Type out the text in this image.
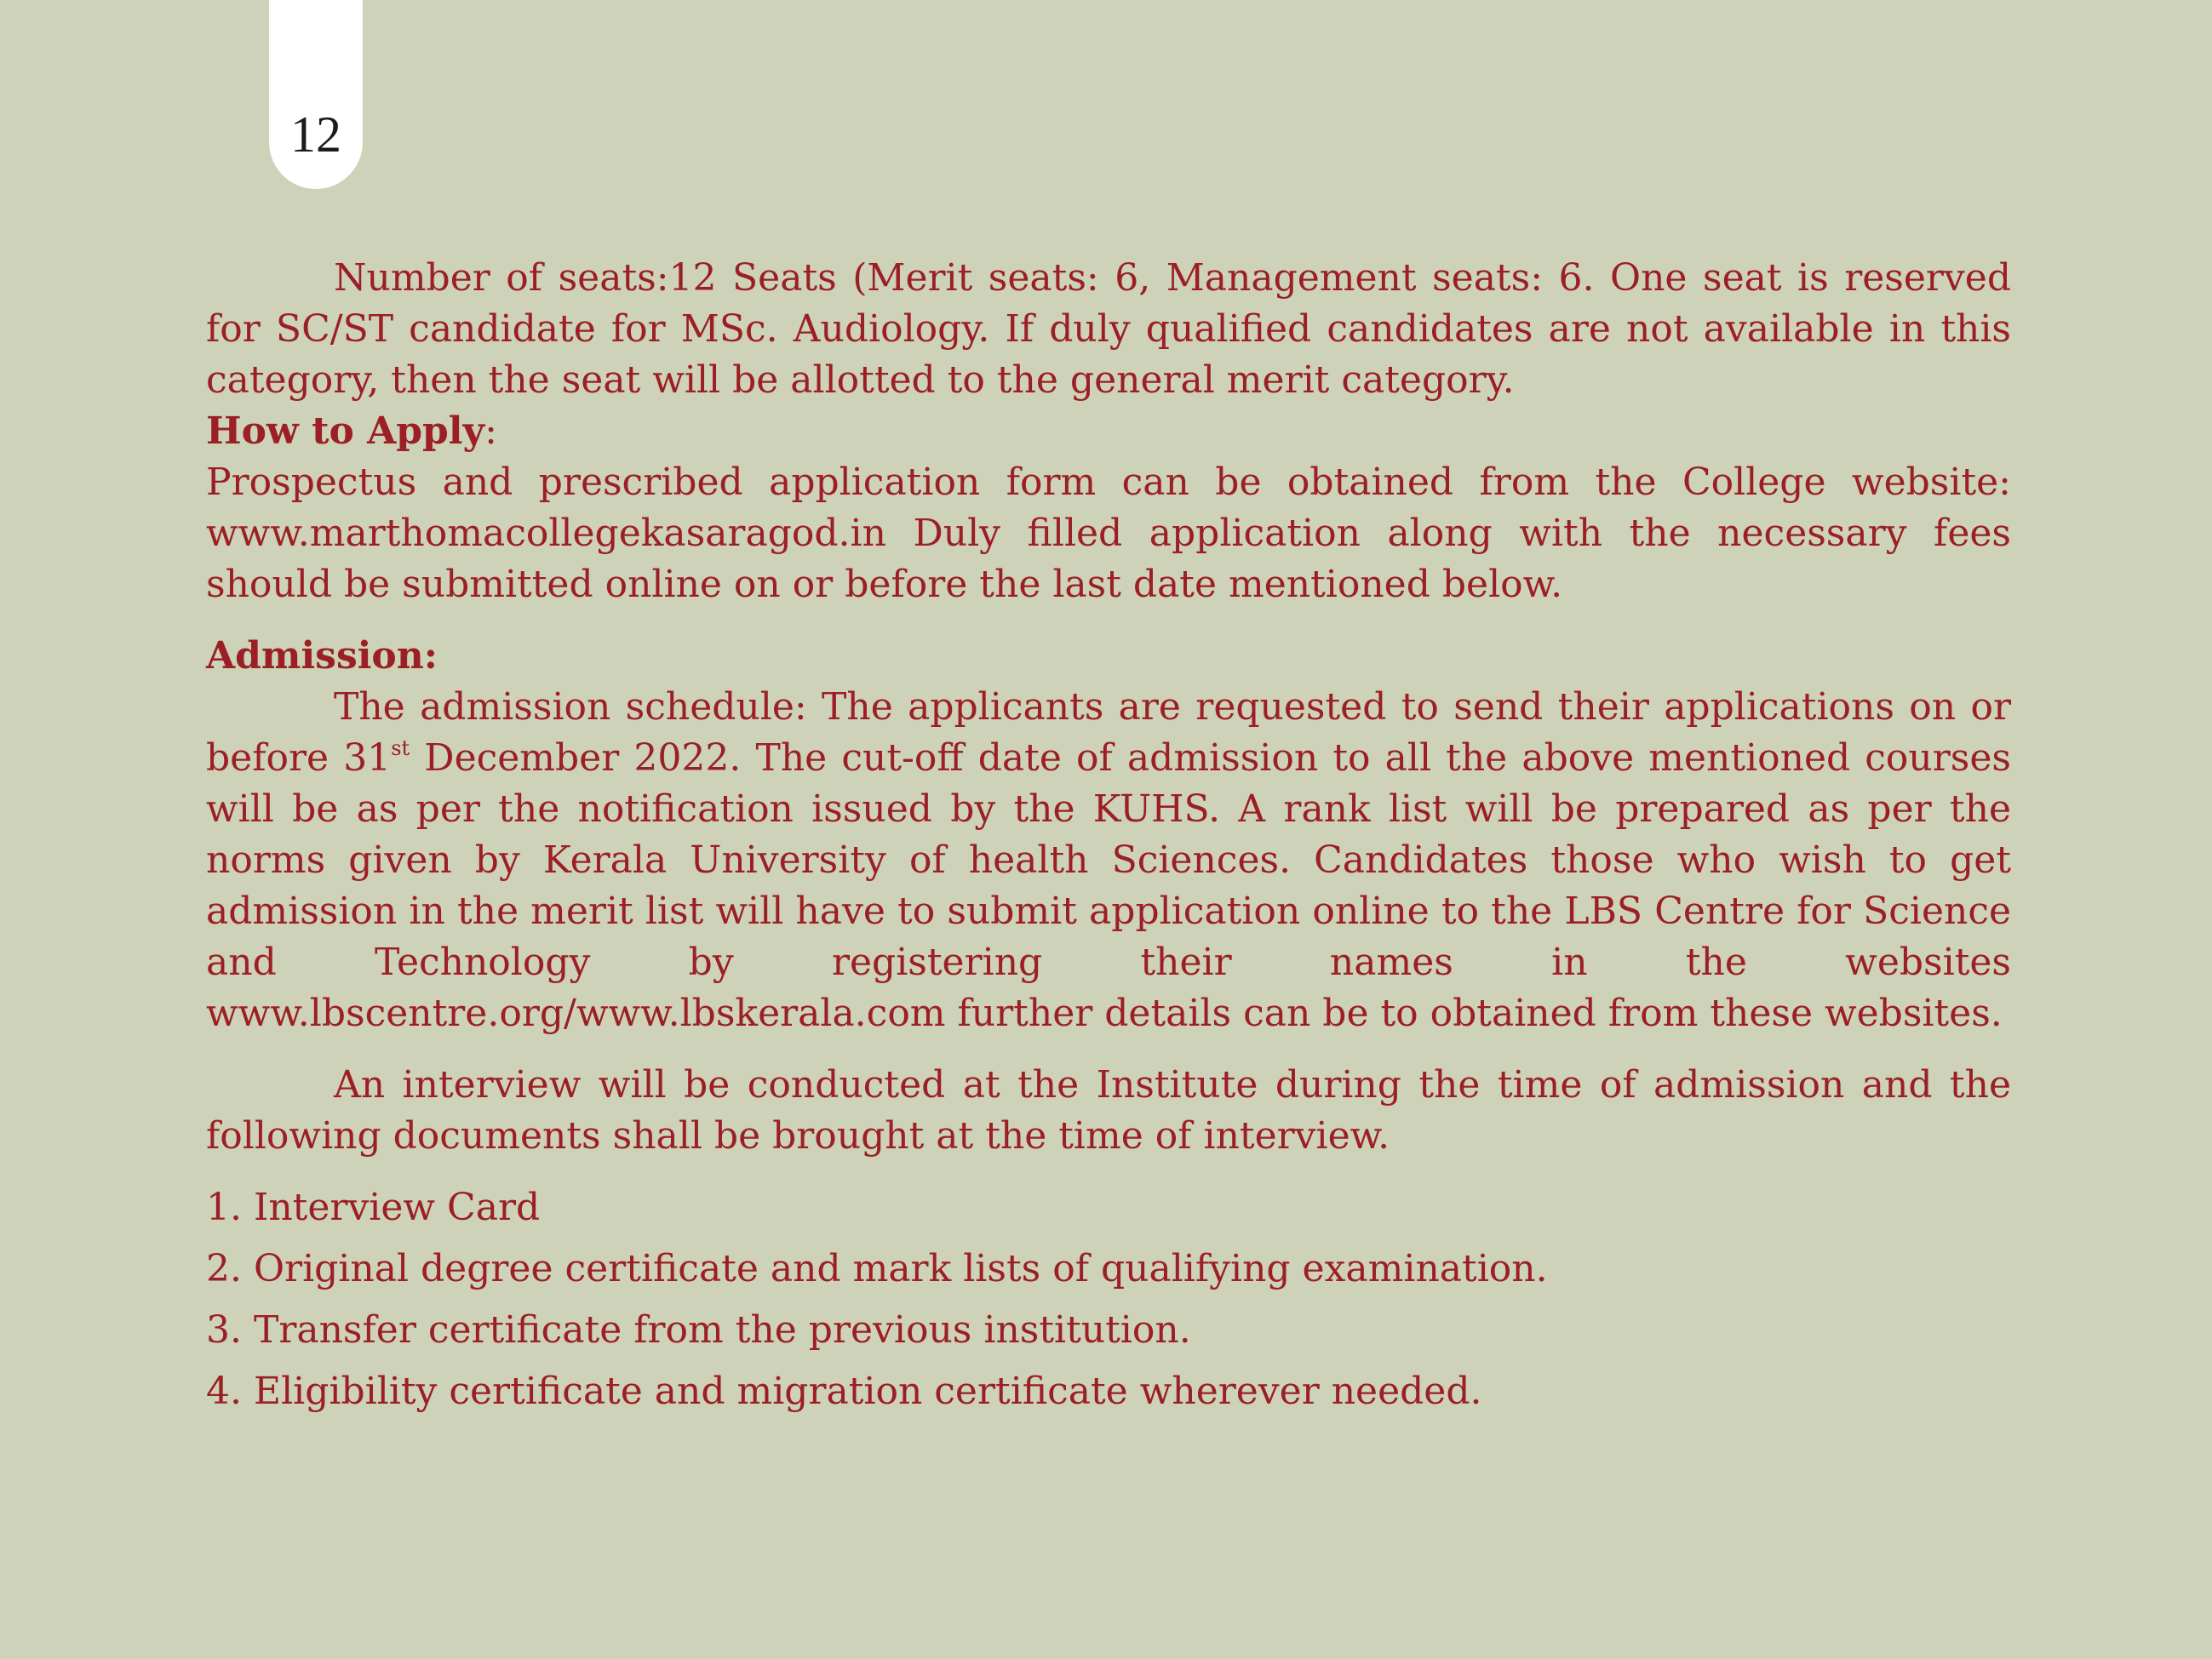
12

Number of seats:12 Seats (Merit seats: 6, Management seats: 6. One seat is reserved for SC/ST candidate for MSc. Audiology. If duly qualified candidates are not available in this category, then the seat will be allotted to the general merit category.

How to Apply:

Prospectus and prescribed application form can be obtained from the College website: www.marthomacollegekasaragod.in Duly filled application along with the necessary fees should be submitted online on or before the last date mentioned below.

Admission:

The admission schedule: The applicants are requested to send their applications on or before 31st December 2022. The cut-off date of admission to all the above mentioned courses will be as per the notification issued by the KUHS. A rank list will be prepared as per the norms given by Kerala University of health Sciences. Candidates those who wish to get admission in the merit list will have to submit application online to the LBS Centre for Science and Technology by registering their names in the websites www.lbscentre.org/www.lbskerala.com further details can be to obtained from these websites.

An interview will be conducted at the Institute during the time of admission and the following documents shall be brought at the time of interview.

1. Interview Card
2. Original degree certificate and mark lists of qualifying examination.
3. Transfer certificate from the previous institution.
4. Eligibility certificate and migration certificate wherever needed.
